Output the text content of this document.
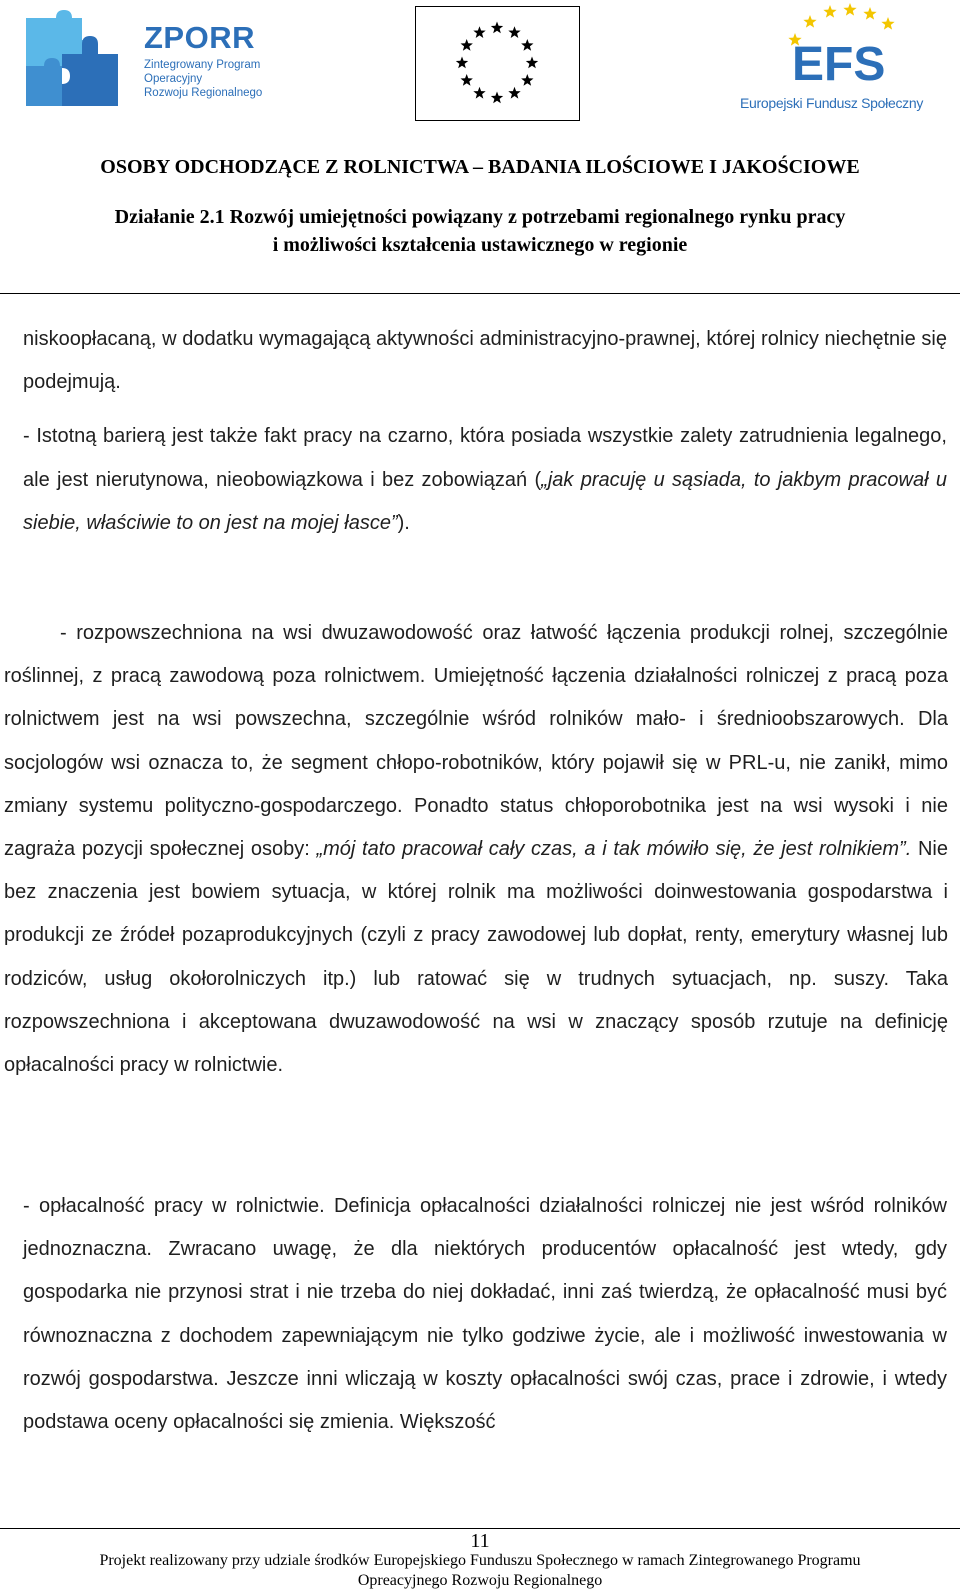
ZPORR
Zintegrowany Program
Operacyjny
Rozwoju Regionalnego
EFS
Europejski Fundusz Społeczny

OSOBY ODCHODZĄCE Z ROLNICTWA – BADANIA ILOŚCIOWE I JAKOŚCIOWE

Działanie 2.1 Rozwój umiejętności powiązany z potrzebami regionalnego rynku pracy
i możliwości kształcenia ustawicznego w regionie

niskoopłacaną, w dodatku wymagającą aktywności administracyjno-prawnej, której rolnicy niechętnie się podejmują.

- Istotną barierą jest także fakt pracy na czarno, która posiada wszystkie zalety zatrudnienia legalnego, ale jest nierutynowa, nieobowiązkowa i bez zobowiązań („jak pracuję u sąsiada, to jakbym pracował u siebie, właściwie to on jest na mojej łasce”).

- rozpowszechniona na wsi dwuzawodowość oraz łatwość łączenia produkcji rolnej, szczególnie roślinnej, z pracą zawodową poza rolnictwem. Umiejętność łączenia działalności rolniczej z pracą poza rolnictwem jest na wsi powszechna, szczególnie wśród rolników mało- i średnioobszarowych. Dla socjologów wsi oznacza to, że segment chłopo-robotników, który pojawił się w PRL-u, nie zanikł, mimo zmiany systemu polityczno-gospodarczego. Ponadto status chłoporobotnika jest na wsi wysoki i nie zagraża pozycji społecznej osoby: „mój tato pracował cały czas, a i tak mówiło się, że jest rolnikiem”. Nie bez znaczenia jest bowiem sytuacja, w której rolnik ma możliwości doinwestowania gospodarstwa i produkcji ze źródeł pozaprodukcyjnych (czyli z pracy zawodowej lub dopłat, renty, emerytury własnej lub rodziców, usług okołorolniczych itp.) lub ratować się w trudnych sytuacjach, np. suszy. Taka rozpowszechniona i akceptowana dwuzawodowość na wsi w znaczący sposób rzutuje na definicję opłacalności pracy w rolnictwie.

- opłacalność pracy w rolnictwie. Definicja opłacalności działalności rolniczej nie jest wśród rolników jednoznaczna. Zwracano uwagę, że dla niektórych producentów opłacalność jest wtedy, gdy gospodarka nie przynosi strat i nie trzeba do niej dokładać, inni zaś twierdzą, że opłacalność musi być równoznaczna z dochodem zapewniającym nie tylko godziwe życie, ale i możliwość inwestowania w rozwój gospodarstwa. Jeszcze inni wliczają w koszty opłacalności swój czas, prace i zdrowie, i wtedy podstawa oceny opłacalności się zmienia. Większość

11
Projekt realizowany przy udziale środków Europejskiego Funduszu Społecznego w ramach Zintegrowanego Programu
Opreacyjnego Rozwoju Regionalnego
